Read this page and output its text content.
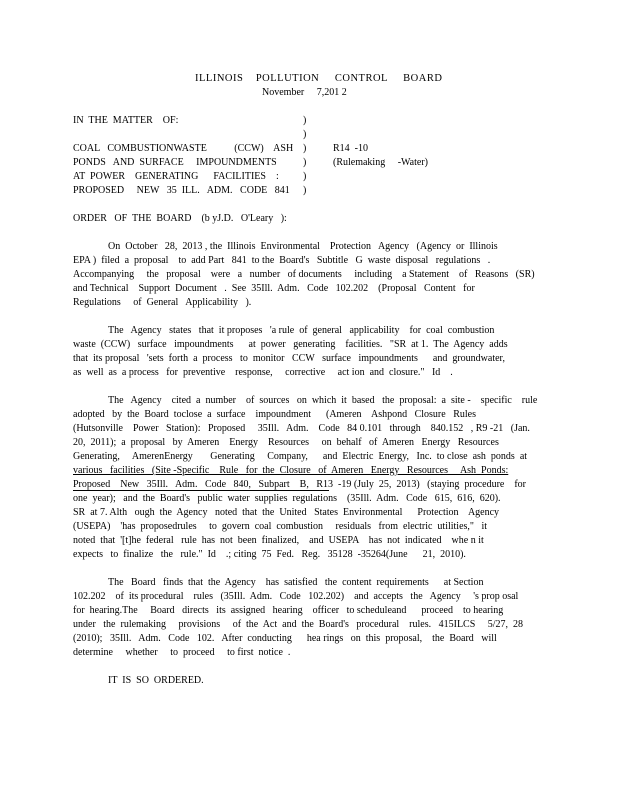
ILLINOIS    POLLUTION     CONTROL     BOARD
November     7,201 2
IN  THE  MATTER    OF:	)
)
)
)
)
)
COAL   COMBUSTIONWASTE           (CCW)    ASH
PONDS   AND  SURFACE     IMPOUNDMENTS
AT  POWER    GENERATING      FACILITIES    :
PROPOSED     NEW   35  ILL.   ADM.   CODE   841
R14  -10
(Rulemaking     -Water)
ORDER   OF  THE  BOARD    (b yJ.D.   O'Leary   ):
On  October   28,  2013 , the  Illinois  Environmental    Protection   Agency   (Agency  or  Illinois
EPA )  filed  a  proposal    to  add Part   841  to the  Board's   Subtitle   G  waste  disposal   regulations   .
Accompanying     the   proposal    were   a   number   of documents     including    a Statement    of   Reasons   (SR)
and Technical    Support  Document   .  See  35Ill.  Adm.   Code   102.202    (Proposal   Content   for
Regulations     of  General   Applicability   ).
The   Agency   states   that  it proposes   'a rule  of  general   applicability    for  coal  combustion
waste  (CCW)   surface   impoundments      at  power   generating    facilities.   "SR  at 1.  The  Agency  adds
that  its proposal   'sets  forth  a  process   to  monitor   CCW   surface   impoundments      and  groundwater,
as  well  as  a process   for  preventive    response,     corrective     act ion  and  closure."   Id    .
The   Agency    cited  a  number    of  sources   on  which  it  based   the  proposal:  a  site -    specific    rule
adopted   by  the  Board  toclose  a  surface    impoundment      (Ameren    Ashpond   Closure   Rules
(Hutsonville    Power   Station):   Proposed     35Ill.   Adm.    Code   84 0.101   through    840.152   , R9 -21   (Jan.
20,  2011);  a  proposal   by  Ameren    Energy    Resources     on  behalf   of  Ameren   Energy   Resources
Generating,     AmerenEnergy       Generating     Company,      and  Electric  Energy,   Inc.  to close  ash  ponds  at
various   facilities   (Site -Specific    Rule   for  the  Closure   of  Ameren   Energy   Resources     Ash  Ponds:
Proposed    New   35Ill.   Adm.   Code   840,   Subpart    B,   R13  -19 (July  25,  2013)   (staying  procedure    for
one  year);   and  the  Board's   public  water  supplies  regulations    (35Ill.  Adm.   Code   615,  616,  620).
SR  at 7. Alth   ough  the  Agency   noted  that  the  United   States  Environmental      Protection    Agency
(USEPA)    'has  proposedrules     to  govern  coal  combustion     residuals   from  electric  utilities,"   it
noted  that  '[t]he  federal   rule  has  not  been  finalized,    and  USEPA    has  not  indicated    whe n it
expects   to  finalize   the   rule."  Id    .; citing  75  Fed.   Reg.   35128  -35264(June      21,  2010).
The   Board   finds  that  the  Agency    has  satisfied   the  content  requirements      at Section
102.202    of  its procedural    rules   (35Ill.  Adm.   Code   102.202)    and  accepts   the   Agency     's prop osal
for  hearing.The     Board   directs   its  assigned   hearing    officer   to scheduleand      proceed    to hearing
under   the  rulemaking     provisions     of  the  Act  and  the  Board's   procedural    rules.   415ILCS     5/27,  28
(2010);   35Ill.   Adm.   Code   102.   After  conducting      hea rings   on  this  proposal,    the  Board   will
determine     whether     to  proceed     to first  notice  .
IT  IS  SO  ORDERED.
